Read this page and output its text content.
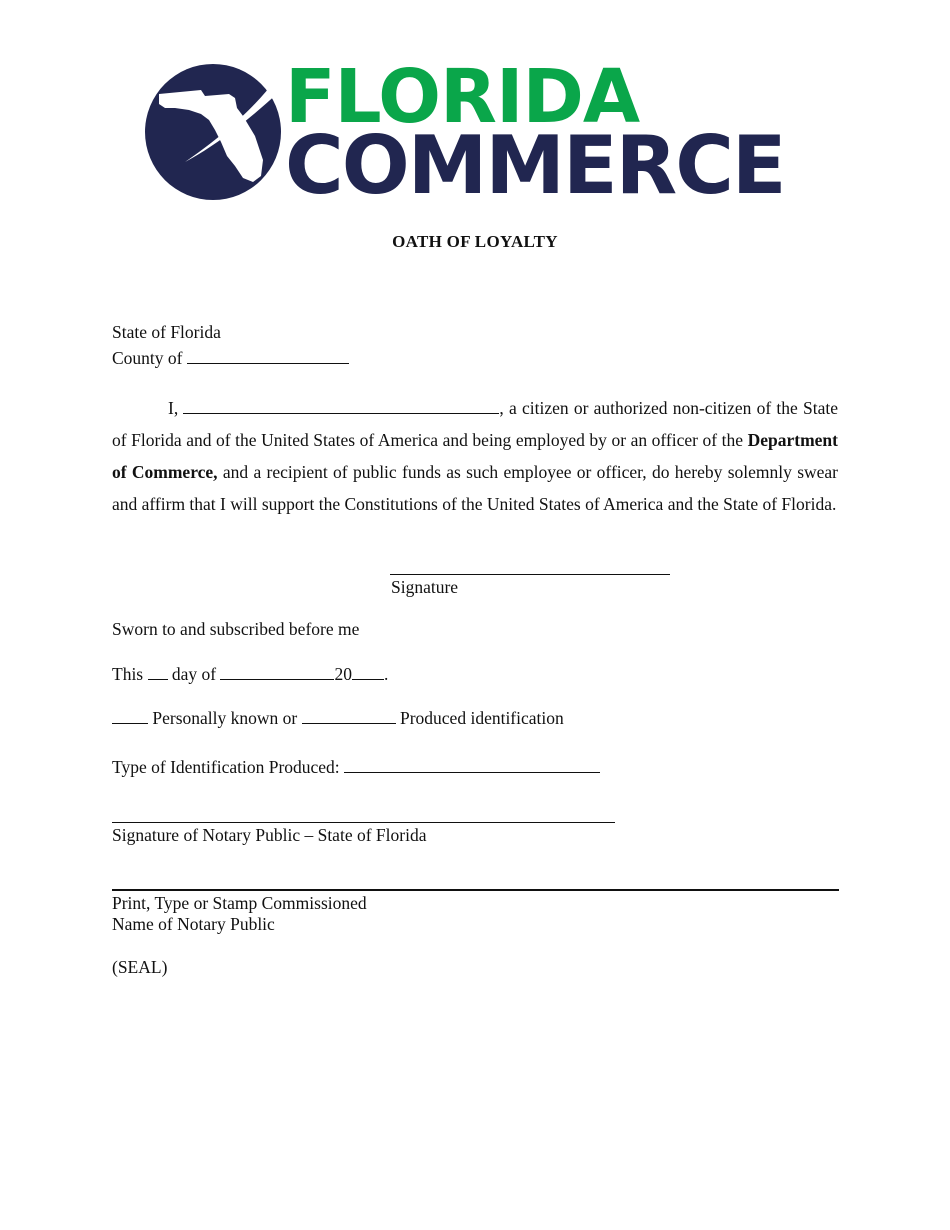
FLORIDA
COMMERCE
OATH OF LOYALTY
State of Florida
County of
I,	, a citizen or authorized non-citizen of the State of Florida and of the United States of America and being employed by or an officer of the Department of Commerce, and a recipient of public funds as such employee or officer, do hereby solemnly swear and affirm that I will support the Constitutions of the United States of America and the State of Florida.
Signature
Sworn to and subscribed before me
This day of	20 .
Personally known or	Produced identification
Type of Identification Produced:
Signature of Notary Public – State of Florida
Print, Type or Stamp Commissioned
Name of Notary Public
(SEAL)
